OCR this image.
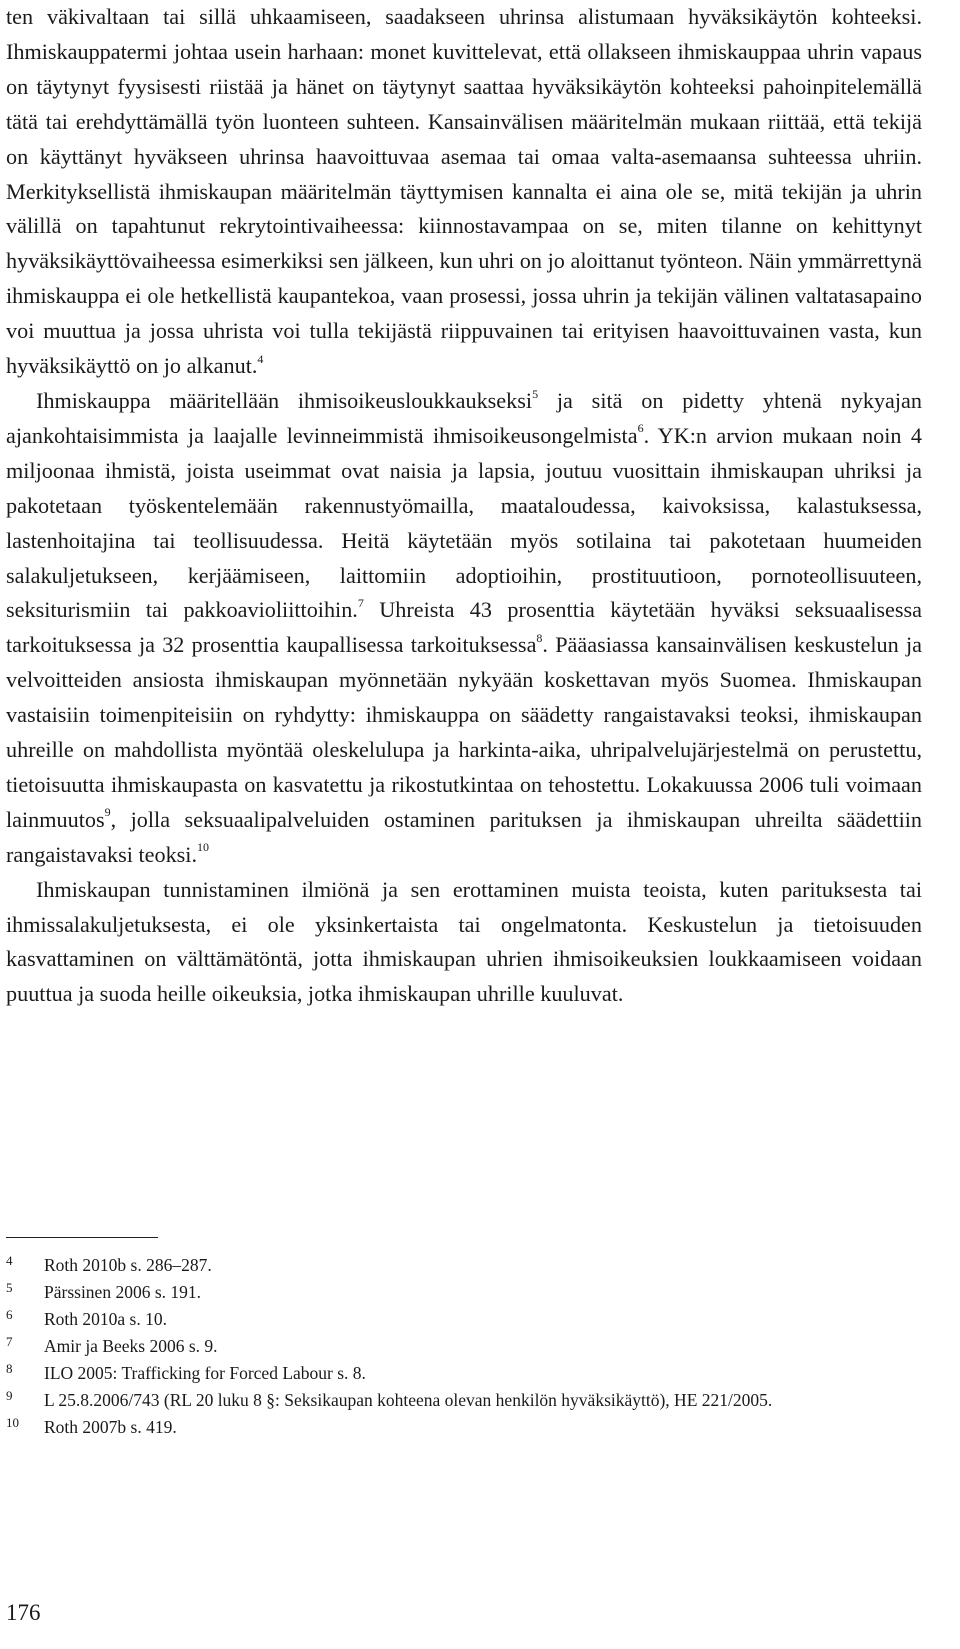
ten väkivaltaan tai sillä uhkaamiseen, saadakseen uhrinsa alistumaan hyväksikäytön kohteeksi. Ihmiskauppatermi johtaa usein harhaan: monet kuvittelevat, että ollakseen ihmiskauppaa uhrin vapaus on täytynyt fyysisesti riistää ja hänet on täytynyt saattaa hyväksikäytön kohteeksi pahoinpitelemällä tätä tai erehdyttämällä työn luonteen suhteen. Kansainvälisen määritelmän mukaan riittää, että tekijä on käyttänyt hyväkseen uhrinsa haavoittuvaa asemaa tai omaa valta-asemaansa suhteessa uhriin. Merkityksellistä ihmiskaupan määritelmän täyttymisen kannalta ei aina ole se, mitä tekijän ja uhrin välillä on tapahtunut rekrytointivaiheessa: kiinnostavampaa on se, miten tilanne on kehittynyt hyväksikäyttövaiheessa esimerkiksi sen jälkeen, kun uhri on jo aloittanut työnteon. Näin ymmärrettynä ihmiskauppa ei ole hetkellistä kaupantekoa, vaan prosessi, jossa uhrin ja tekijän välinen valtatasapaino voi muuttua ja jossa uhrista voi tulla tekijästä riippuvainen tai erityisen haavoittuvainen vasta, kun hyväksikäyttö on jo alkanut.$^4$

Ihmiskauppa määritellään ihmisoikeusloukkaukseksi$^5$ ja sitä on pidetty yhtenä nykyajan ajankohtaisimmista ja laajalle levinneimmistä ihmisoikeusongelmista$^6$. YK:n arvion mukaan noin 4 miljoonaa ihmistä, joista useimmat ovat naisia ja lapsia, joutuu vuosittain ihmiskaupan uhriksi ja pakotetaan työskentelemään rakennustyömailla, maataloudessa, kaivoksissa, kalastuksessa, lastenhoitajina tai teollisuudessa. Heitä käytetään myös sotilaina tai pakotetaan huumeiden salakuljetukseen, kerjäämiseen, laittomiin adoptioihin, prostituutioon, pornoteollisuuteen, seksiturismiin tai pakkoavioliittoihin.$^7$ Uhreista 43 prosenttia käytetään hyväksi seksuaalisessa tarkoituksessa ja 32 prosenttia kaupallisessa tarkoituksessa$^8$. Pääasiassa kansainvälisen keskustelun ja velvoitteiden ansiosta ihmiskaupan myönnetään nykyään koskettavan myös Suomea. Ihmiskaupan vastaisiin toimenpiteisiin on ryhdytty: ihmiskauppa on säädetty rangaistavaksi teoksi, ihmiskaupan uhreille on mahdollista myöntää oleskelulupa ja harkinta-aika, uhripalvelujärjestelmä on perustettu, tietoisuutta ihmiskaupasta on kasvatettu ja rikostutkintaa on tehostettu. Lokakuussa 2006 tuli voimaan lainmuutos$^9$, jolla seksuaalipalveluiden ostaminen parituksen ja ihmiskaupan uhreilta säädettiin rangaistavaksi teoksi.$^{10}$

Ihmiskaupan tunnistaminen ilmiönä ja sen erottaminen muista teoista, kuten parituksesta tai ihmissalakuljetuksesta, ei ole yksinkertaista tai ongelmatonta. Keskustelun ja tietoisuuden kasvattaminen on välttämätöntä, jotta ihmiskaupan uhrien ihmisoikeuksien loukkaamiseen voidaan puuttua ja suoda heille oikeuksia, jotka ihmiskaupan uhrille kuuluvat.

4	Roth 2010b s. 286–287.
5	Pärssinen 2006 s. 191.
6	Roth 2010a s. 10.
7	Amir ja Beeks 2006 s. 9.
8	ILO 2005: Trafficking for Forced Labour s. 8.
9	L 25.8.2006/743 (RL 20 luku 8 §: Seksikaupan kohteena olevan henkilön hyväksikäyttö), HE 221/2005.
10	Roth 2007b s. 419.
176
